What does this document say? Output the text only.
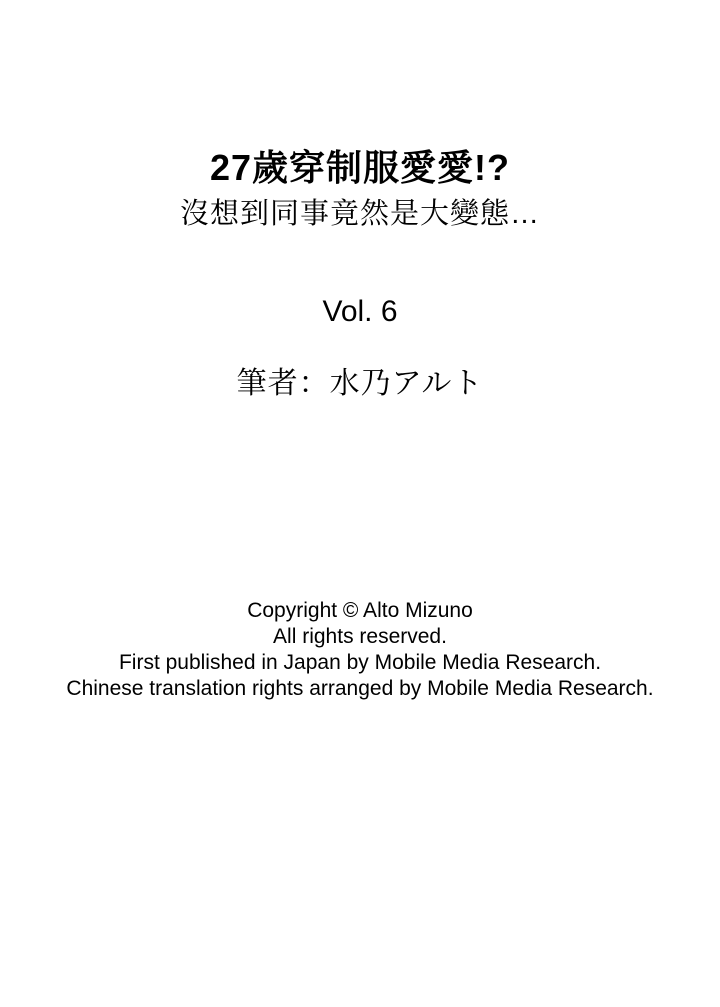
27歲穿制服愛愛!?
沒想到同事竟然是大變態…
Vol. 6
筆者：水乃アルト
Copyright © Alto Mizuno
All rights reserved.
First published in Japan by Mobile Media Research.
Chinese translation rights arranged by Mobile Media Research.
